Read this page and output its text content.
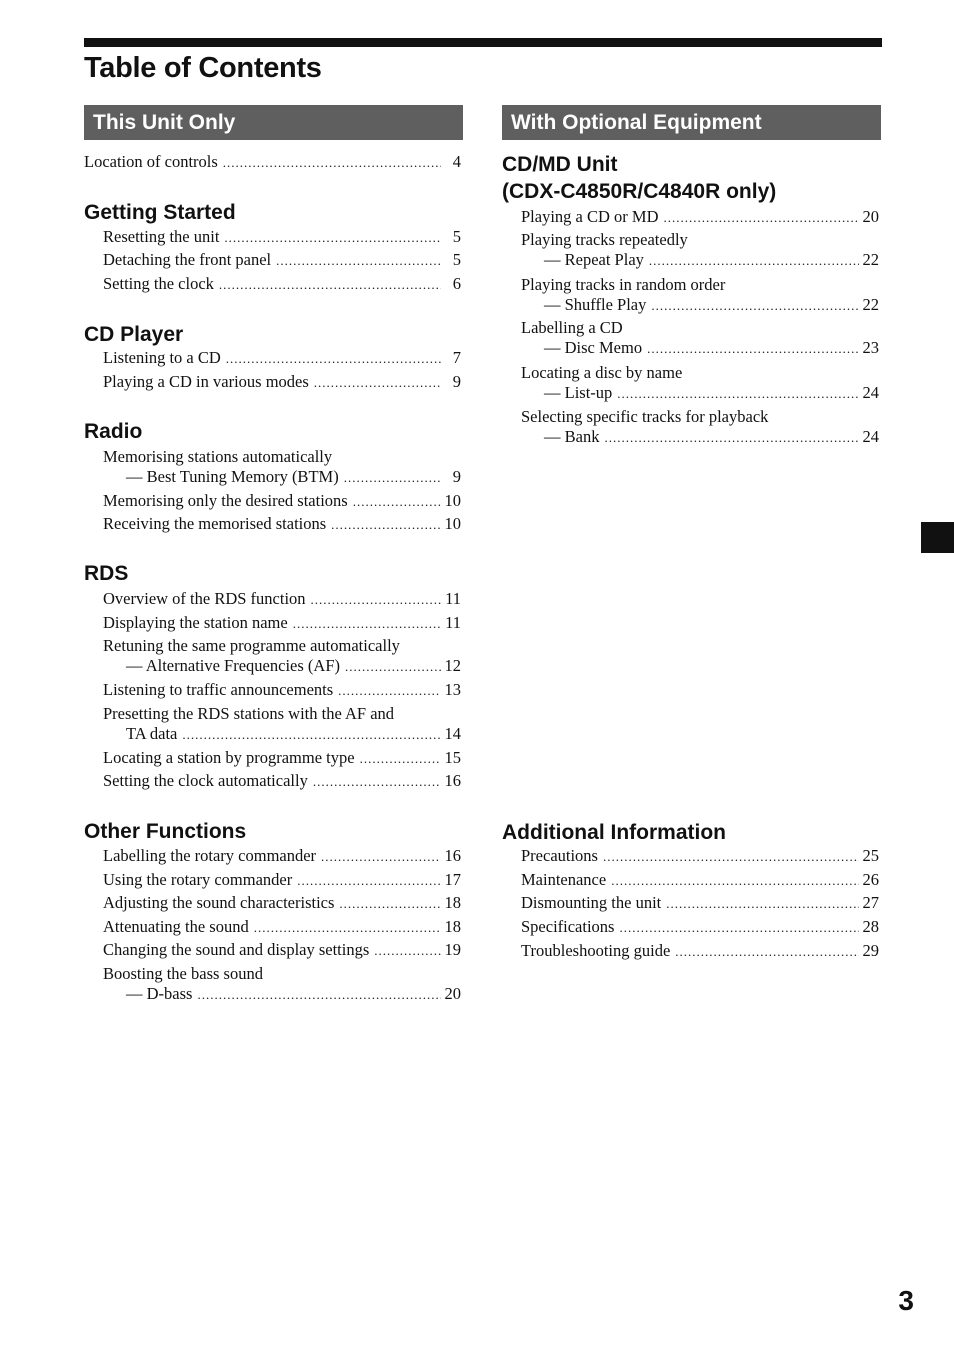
Table of Contents
This Unit Only
Location of controls .....	4
Getting Started
Resetting the unit .....	5
Detaching the front panel .....	5
Setting the clock .....	6
CD Player
Listening to a CD .....	7
Playing a CD in various modes .....	9
Radio
Memorising stations automatically
— Best Tuning Memory (BTM) .....	9
Memorising only the desired stations .....	10
Receiving the memorised stations .....	10
RDS
Overview of the RDS function .....	11
Displaying the station name .....	11
Retuning the same programme automatically
— Alternative Frequencies (AF) .....	12
Listening to traffic announcements .....	13
Presetting the RDS stations with the AF and
TA data .....	14
Locating a station by programme type .....	15
Setting the clock automatically .....	16
Other Functions
Labelling the rotary commander .....	16
Using the rotary commander .....	17
Adjusting the sound characteristics .....	18
Attenuating the sound .....	18
Changing the sound and display settings .....	19
Boosting the bass sound
— D-bass .....	20
With Optional Equipment
CD/MD Unit
(CDX-C4850R/C4840R only)
Playing a CD or MD .....	20
Playing tracks repeatedly
— Repeat Play .....	22
Playing tracks in random order
— Shuffle Play .....	22
Labelling a CD
— Disc Memo .....	23
Locating a disc by name
— List-up .....	24
Selecting specific tracks for playback
— Bank .....	24
Additional Information
Precautions .....	25
Maintenance .....	26
Dismounting the unit .....	27
Specifications .....	28
Troubleshooting guide .....	29
3
